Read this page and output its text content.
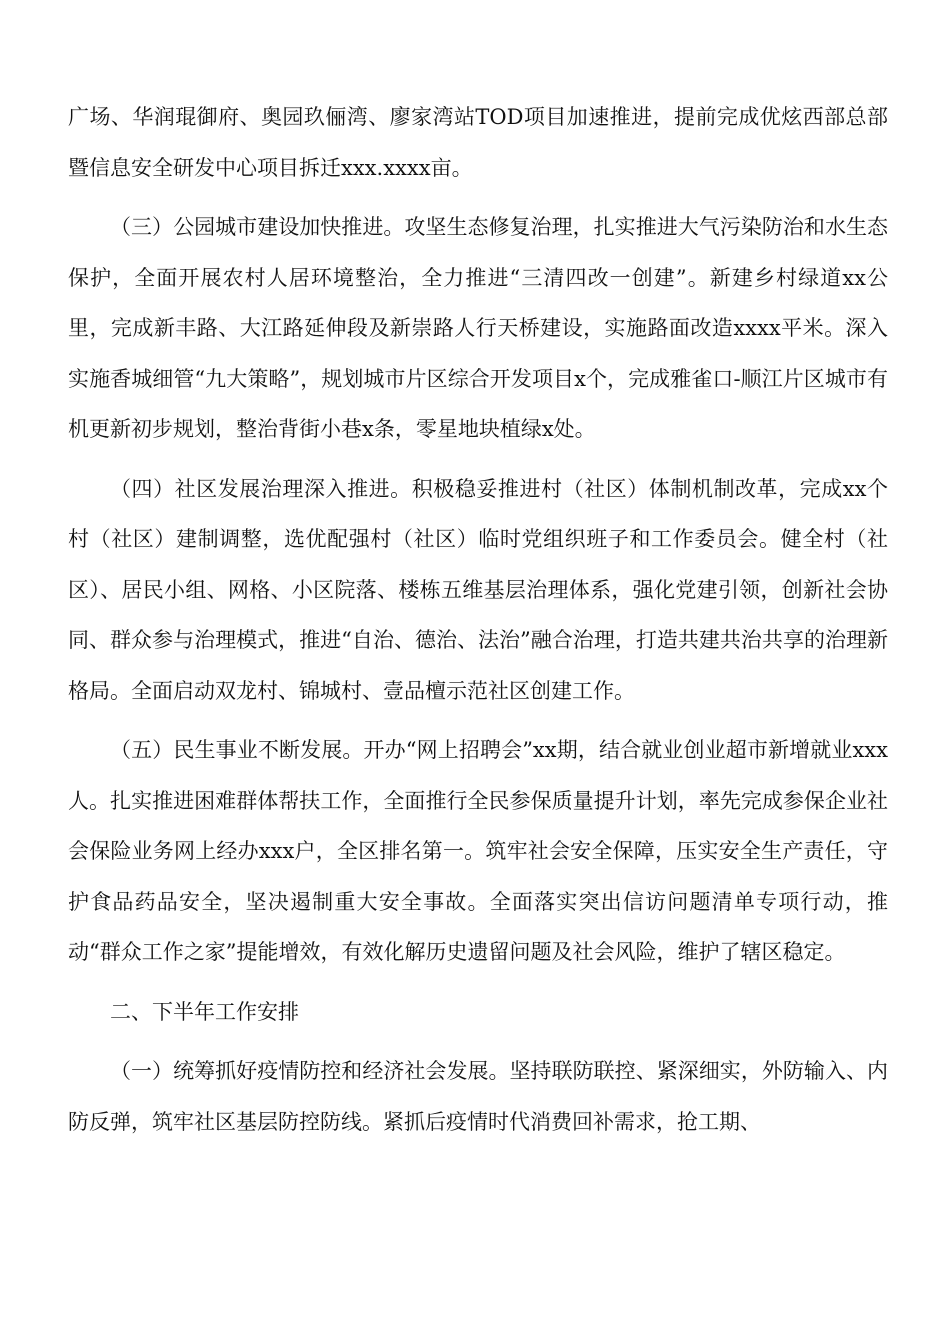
广场、华润琨御府、奥园玖俪湾、廖家湾站TOD项目加速推进，提前完成优炫西部总部暨信息安全研发中心项目拆迁xxx.xxxx亩。

（三）公园城市建设加快推进。攻坚生态修复治理，扎实推进大气污染防治和水生态保护，全面开展农村人居环境整治，全力推进“三清四改一创建”。新建乡村绿道xx公里，完成新丰路、大江路延伸段及新崇路人行天桥建设，实施路面改造xxxx平米。深入实施香城细管“九大策略”，规划城市片区综合开发项目x个，完成雅雀口-顺江片区城市有机更新初步规划，整治背街小巷x条，零星地块植绿x处。

（四）社区发展治理深入推进。积极稳妥推进村（社区）体制机制改革，完成xx个村（社区）建制调整，选优配强村（社区）临时党组织班子和工作委员会。健全村（社区）、居民小组、网格、小区院落、楼栋五维基层治理体系，强化党建引领，创新社会协同、群众参与治理模式，推进“自治、德治、法治”融合治理，打造共建共治共享的治理新格局。全面启动双龙村、锦城村、壹品檀示范社区创建工作。

（五）民生事业不断发展。开办“网上招聘会”xx期，结合就业创业超市新增就业xxx人。扎实推进困难群体帮扶工作，全面推行全民参保质量提升计划，率先完成参保企业社会保险业务网上经办xxx户，全区排名第一。筑牢社会安全保障，压实安全生产责任，守护食品药品安全，坚决遏制重大安全事故。全面落实突出信访问题清单专项行动，推动“群众工作之家”提能增效，有效化解历史遗留问题及社会风险，维护了辖区稳定。

二、下半年工作安排

（一）统筹抓好疫情防控和经济社会发展。坚持联防联控、紧深细实，外防输入、内防反弹，筑牢社区基层防控防线。紧抓后疫情时代消费回补需求，抢工期、
